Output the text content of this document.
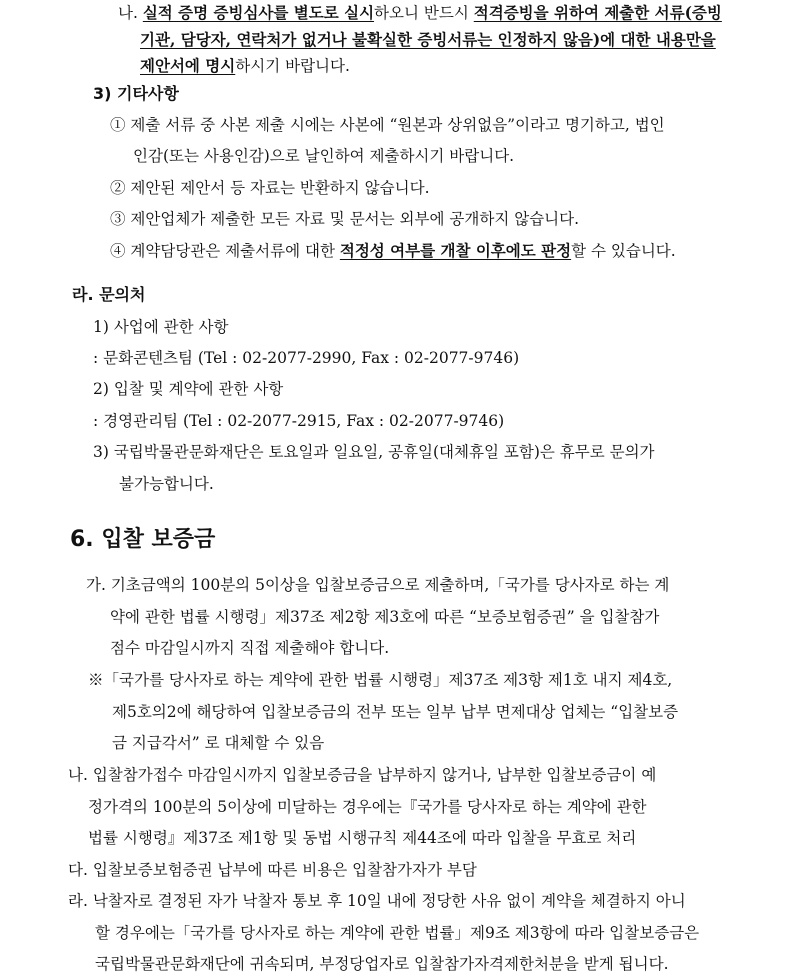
나. 실적 증명 증빙심사를 별도로 실시하오니 반드시 적격증빙을 위하여 제출한 서류(증빙
기관, 담당자, 연락처가 없거나 불확실한 증빙서류는 인정하지 않음)에 대한 내용만을
제안서에 명시하시기 바랍니다.
3) 기타사항
① 제출 서류 중 사본 제출 시에는 사본에 “원본과 상위없음”이라고 명기하고, 법인
인감(또는 사용인감)으로 날인하여 제출하시기 바랍니다.
② 제안된 제안서 등 자료는 반환하지 않습니다.
③ 제안업체가 제출한 모든 자료 및 문서는 외부에 공개하지 않습니다.
④ 계약담당관은 제출서류에 대한 적정성 여부를 개찰 이후에도 판정할 수 있습니다.
라. 문의처
1) 사업에 관한 사항
: 문화콘텐츠팀 (Tel : 02-2077-2990, Fax : 02-2077-9746)
2) 입찰 및 계약에 관한 사항
: 경영관리팀 (Tel : 02-2077-2915, Fax : 02-2077-9746)
3) 국립박물관문화재단은 토요일과 일요일, 공휴일(대체휴일 포함)은 휴무로 문의가
불가능합니다.
6. 입찰 보증금
가. 기초금액의 100분의 5이상을 입찰보증금으로 제출하며,「국가를 당사자로 하는 계
약에 관한 법률 시행령」제37조 제2항 제3호에 따른 “보증보험증권” 을 입찰참가
점수 마감일시까지 직접 제출해야 합니다.
※「국가를 당사자로 하는 계약에 관한 법률 시행령」제37조 제3항 제1호 내지 제4호,
제5호의2에 해당하여 입찰보증금의 전부 또는 일부 납부 면제대상 업체는 “입찰보증
금 지급각서” 로 대체할 수 있음
나. 입찰참가접수 마감일시까지 입찰보증금을 납부하지 않거나, 납부한 입찰보증금이 예
정가격의 100분의 5이상에 미달하는 경우에는『국가를 당사자로 하는 계약에 관한
법률 시행령』제37조 제1항 및 동법 시행규칙 제44조에 따라 입찰을 무효로 처리
다. 입찰보증보험증권 납부에 따른 비용은 입찰참가자가 부담
라. 낙찰자로 결정된 자가 낙찰자 통보 후 10일 내에 정당한 사유 없이 계약을 체결하지 아니
할 경우에는「국가를 당사자로 하는 계약에 관한 법률」제9조 제3항에 따라 입찰보증금은
국립박물관문화재단에 귀속되며, 부정당업자로 입찰참가자격제한처분을 받게 됩니다.
